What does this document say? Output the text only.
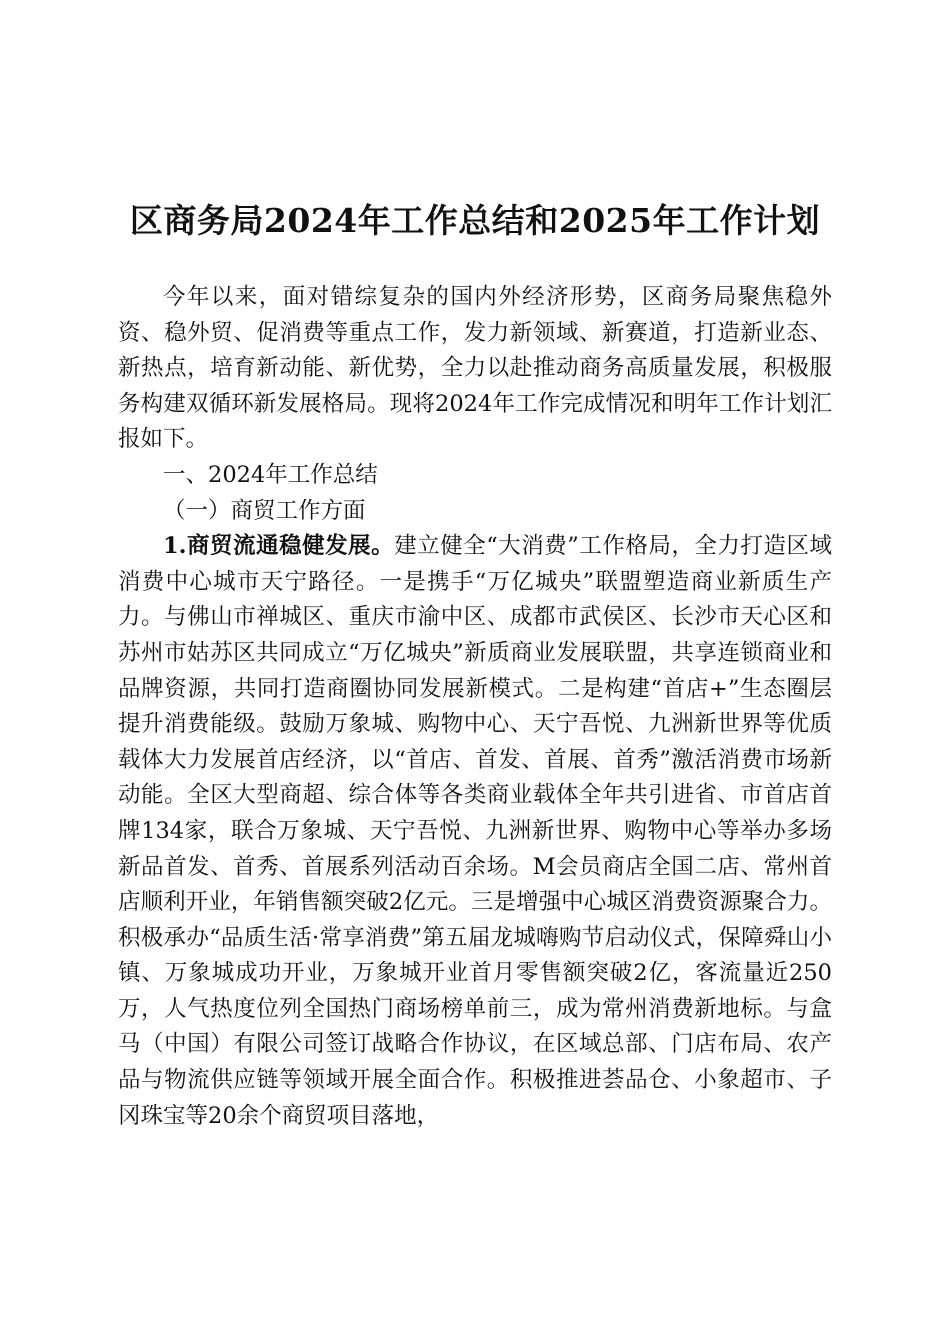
区商务局2024年工作总结和2025年工作计划

今年以来，面对错综复杂的国内外经济形势，区商务局聚焦稳外资、稳外贸、促消费等重点工作，发力新领域、新赛道，打造新业态、新热点，培育新动能、新优势，全力以赴推动商务高质量发展，积极服务构建双循环新发展格局。现将2024年工作完成情况和明年工作计划汇报如下。

一、2024年工作总结

（一）商贸工作方面

1.商贸流通稳健发展。建立健全“大消费”工作格局，全力打造区域消费中心城市天宁路径。一是携手“万亿城央”联盟塑造商业新质生产力。与佛山市禅城区、重庆市渝中区、成都市武侯区、长沙市天心区和苏州市姑苏区共同成立“万亿城央”新质商业发展联盟，共享连锁商业和品牌资源，共同打造商圈协同发展新模式。二是构建“首店+”生态圈层提升消费能级。鼓励万象城、购物中心、天宁吾悦、九洲新世界等优质载体大力发展首店经济，以“首店、首发、首展、首秀”激活消费市场新动能。全区大型商超、综合体等各类商业载体全年共引进省、市首店首牌134家，联合万象城、天宁吾悦、九洲新世界、购物中心等举办多场新品首发、首秀、首展系列活动百余场。M会员商店全国二店、常州首店顺利开业，年销售额突破2亿元。三是增强中心城区消费资源聚合力。积极承办“品质生活·常享消费”第五届龙城嗨购节启动仪式，保障舜山小镇、万象城成功开业，万象城开业首月零售额突破2亿，客流量近250万，人气热度位列全国热门商场榜单前三，成为常州消费新地标。与盒马（中国）有限公司签订战略合作协议，在区域总部、门店布局、农产品与物流供应链等领域开展全面合作。积极推进荟品仓、小象超市、子冈珠宝等20余个商贸项目落地，
